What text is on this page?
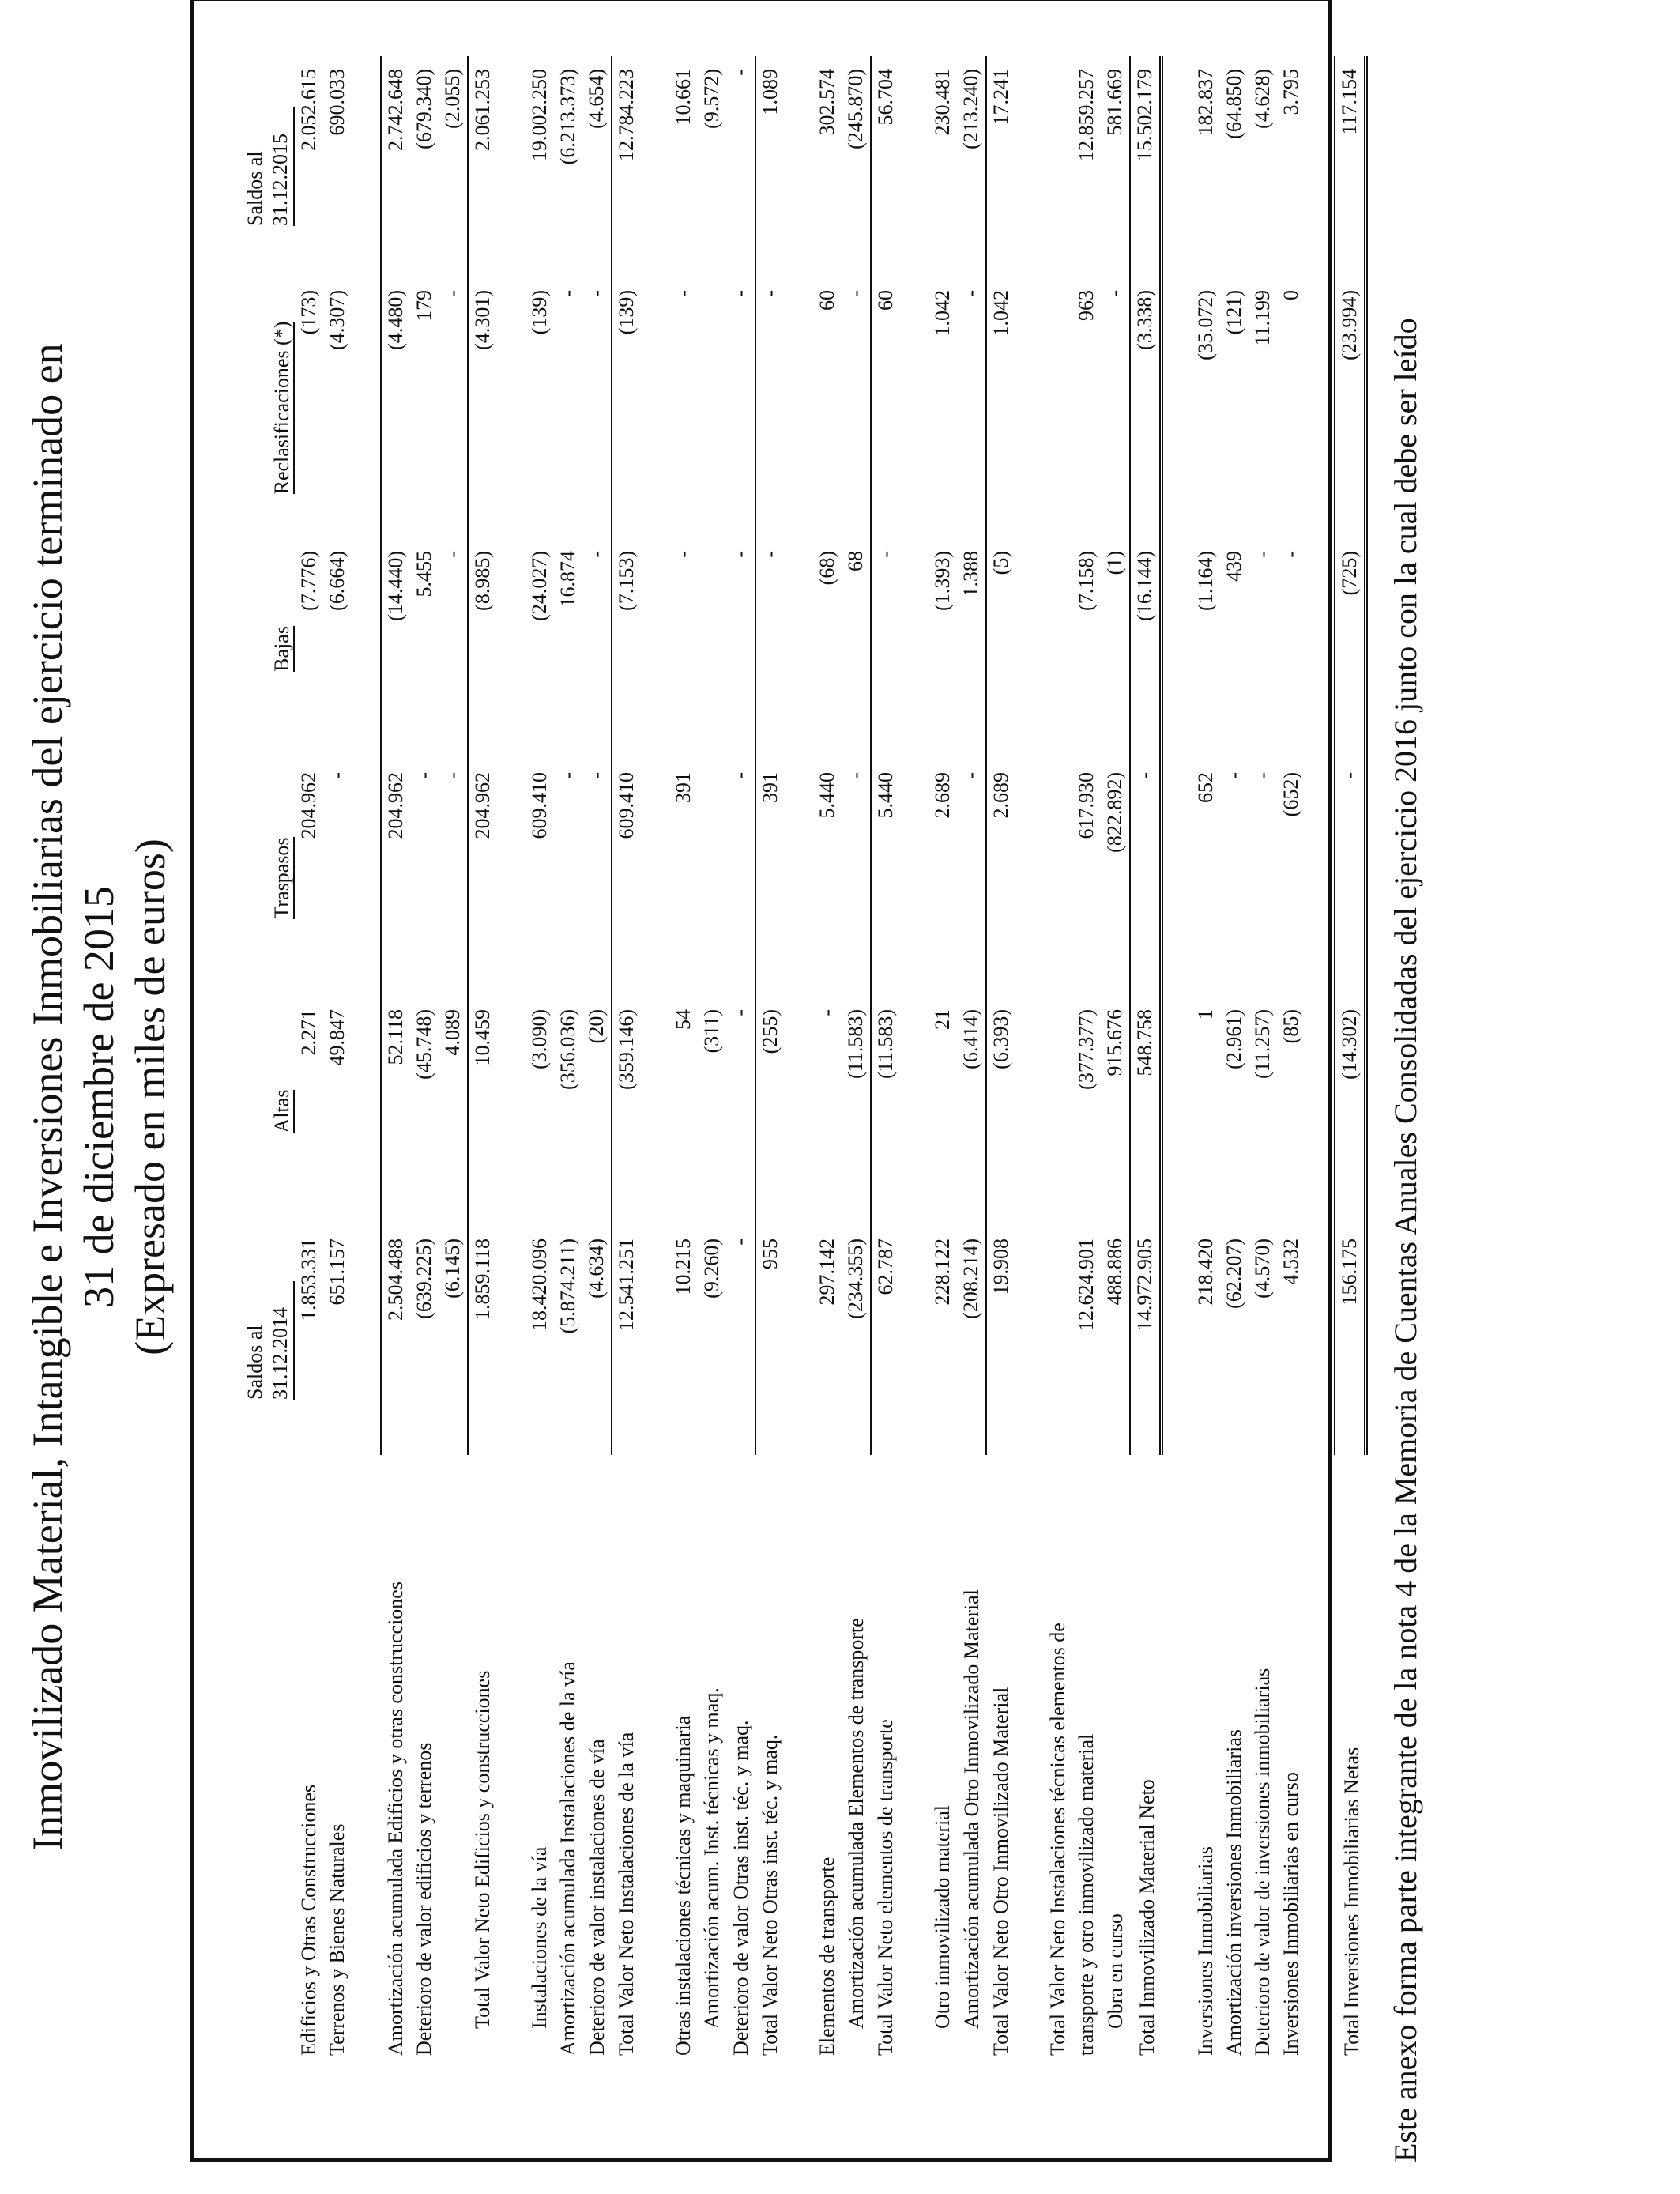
Inmovilizado Material, Intangible e Inversiones Inmobiliarias del ejercicio terminado en 31 de diciembre de 2015 (Expresado en miles de euros)
	Saldos al 31.12.2014	Altas	Traspasos	Bajas	Reclasificaciones (*)	Saldos al 31.12.2015
Edificios y Otras Construcciones	1.853.331	2.271	204.962	(7.776)	(173)	2.052.615
Terrenos y Bienes Naturales	651.157	49.847	-	(6.664)	(4.307)	690.033

Amortización acumulada Edificios y otras construcciones	2.504.488	52.118	204.962	(14.440)	(4.480)	2.742.648
Deterioro de valor edificios y terrenos	(639.225)	(45.748)	-	5.455	179	(679.340)
	(6.145)	4.089	-	-	-	(2.055)
Total Valor Neto Edificios y construcciones	1.859.118	10.459	204.962	(8.985)	(4.301)	2.061.253

Instalaciones de la vía	18.420.096	(3.090)	609.410	(24.027)	(139)	19.002.250
Amortización acumulada Instalaciones de la vía	(5.874.211)	(356.036)	-	16.874	-	(6.213.373)
Deterioro de valor instalaciones de vía	(4.634)	(20)	-	-	-	(4.654)
Total Valor Neto Instalaciones de la vía	12.541.251	(359.146)	609.410	(7.153)	(139)	12.784.223

Otras instalaciones técnicas y maquinaria	10.215	54	391	-	-	10.661
Amortización acum. Inst. técnicas y maq.	(9.260)	(311)				(9.572)
Deterioro de valor Otras inst. téc. y maq.	-	-	-	-	-	-
Total Valor Neto Otras inst. téc. y maq.	955	(255)	391	-	-	1.089

Elementos de transporte	297.142	-	5.440	(68)	60	302.574
Amortización acumulada Elementos de transporte	(234.355)	(11.583)	-	68	-	(245.870)
Total Valor Neto elementos de transporte	62.787	(11.583)	5.440	-	60	56.704

Otro inmovilizado material	228.122	21	2.689	(1.393)	1.042	230.481
Amortización acumulada Otro Inmovilizado Material	(208.214)	(6.414)	-	1.388	-	(213.240)
Total Valor Neto Otro Inmovilizado Material	19.908	(6.393)	2.689	(5)	1.042	17.241

Total Valor Neto Instalaciones técnicas elementos de						
transporte y otro inmovilizado material	12.624.901	(377.377)	617.930	(7.158)	963	12.859.257
Obra en curso	488.886	915.676	(822.892)	(1)	-	581.669
Total Inmovilizado Material Neto	14.972.905	548.758	-	(16.144)	(3.338)	15.502.179

Inversiones Inmobiliarias	218.420	1	652	(1.164)	(35.072)	182.837
Amortización inversiones Inmobiliarias	(62.207)	(2.961)	-	439	(121)	(64.850)
Deterioro de valor de inversiones inmobiliarias	(4.570)	(11.257)	-	-	11.199	(4.628)
Inversiones Inmobiliarias en curso	4.532	(85)	(652)	-	0	3.795

Total Inversiones Inmobiliarias Netas	156.175	(14.302)	-	(725)	(23.994)	117.154
Este anexo forma parte integrante de la nota 4 de la Memoria de Cuentas Anuales Consolidadas del ejercicio 2016 junto con la cual debe ser leído
